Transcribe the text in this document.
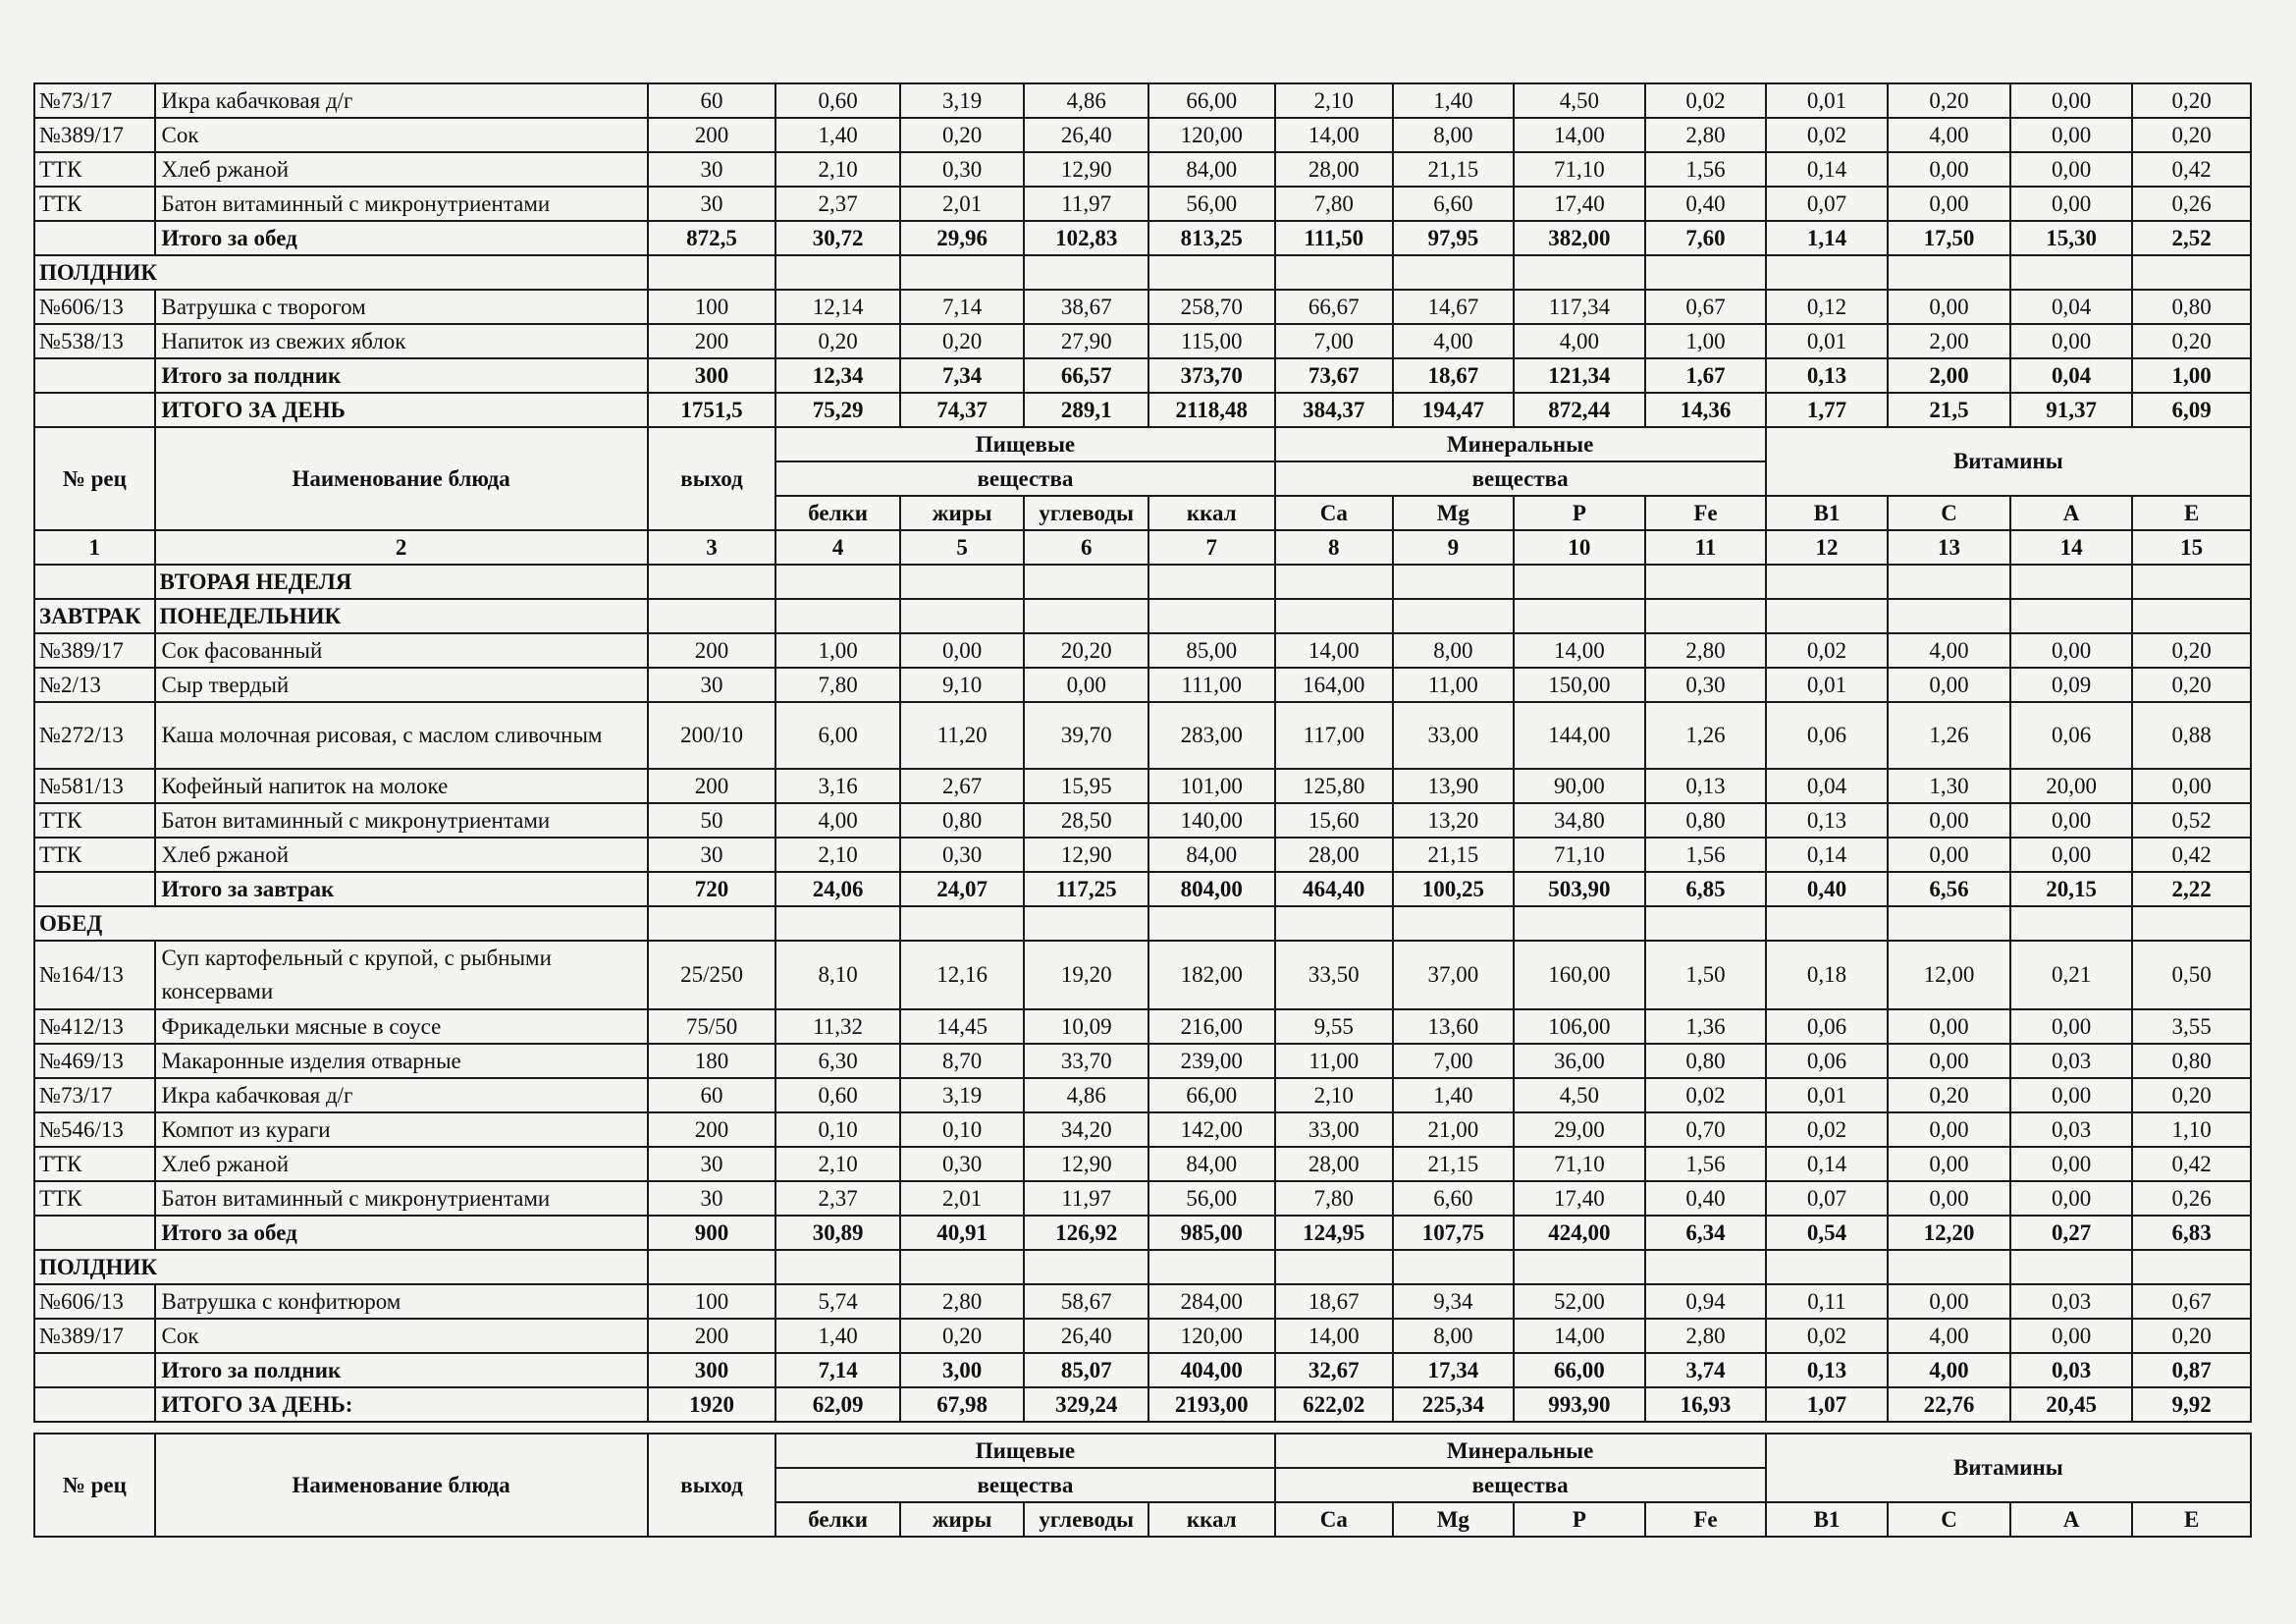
№73/17	Икра кабачковая д/г	60	0,60	3,19	4,86	66,00	2,10	1,40	4,50	0,02	0,01	0,20	0,00	0,20
№389/17	Сок	200	1,40	0,20	26,40	120,00	14,00	8,00	14,00	2,80	0,02	4,00	0,00	0,20
ТТК	Хлеб ржаной	30	2,10	0,30	12,90	84,00	28,00	21,15	71,10	1,56	0,14	0,00	0,00	0,42
ТТК	Батон витаминный с микронутриентами	30	2,37	2,01	11,97	56,00	7,80	6,60	17,40	0,40	0,07	0,00	0,00	0,26
	Итого за обед	872,5	30,72	29,96	102,83	813,25	111,50	97,95	382,00	7,60	1,14	17,50	15,30	2,52
ПОЛДНИК														
№606/13	Ватрушка с творогом	100	12,14	7,14	38,67	258,70	66,67	14,67	117,34	0,67	0,12	0,00	0,04	0,80
№538/13	Напиток из свежих яблок	200	0,20	0,20	27,90	115,00	7,00	4,00	4,00	1,00	0,01	2,00	0,00	0,20
	Итого за полдник	300	12,34	7,34	66,57	373,70	73,67	18,67	121,34	1,67	0,13	2,00	0,04	1,00
	ИТОГО ЗА ДЕНЬ	1751,5	75,29	74,37	289,1	2118,48	384,37	194,47	872,44	14,36	1,77	21,5	91,37	6,09
№ рец	Наименование блюда	выход	Пищевые				Минеральные				Витамины			
			вещества				вещества							
			белки	жиры	углеводы	ккал	Ca	Mg	P	Fe	B1	C	A	E
1	2	3	4	5	6	7	8	9	10	11	12	13	14	15
	ВТОРАЯ НЕДЕЛЯ													
ЗАВТРАК	ПОНЕДЕЛЬНИК													
№389/17	Сок фасованный	200	1,00	0,00	20,20	85,00	14,00	8,00	14,00	2,80	0,02	4,00	0,00	0,20
№2/13	Сыр твердый	30	7,80	9,10	0,00	111,00	164,00	11,00	150,00	0,30	0,01	0,00	0,09	0,20
№272/13	Каша молочная рисовая, с маслом сливочным	200/10	6,00	11,20	39,70	283,00	117,00	33,00	144,00	1,26	0,06	1,26	0,06	0,88
№581/13	Кофейный напиток на молоке	200	3,16	2,67	15,95	101,00	125,80	13,90	90,00	0,13	0,04	1,30	20,00	0,00
ТТК	Батон витаминный с микронутриентами	50	4,00	0,80	28,50	140,00	15,60	13,20	34,80	0,80	0,13	0,00	0,00	0,52
ТТК	Хлеб ржаной	30	2,10	0,30	12,90	84,00	28,00	21,15	71,10	1,56	0,14	0,00	0,00	0,42
	Итого за завтрак	720	24,06	24,07	117,25	804,00	464,40	100,25	503,90	6,85	0,40	6,56	20,15	2,22
ОБЕД														
№164/13	Суп картофельный с крупой, с рыбными консервами	25/250	8,10	12,16	19,20	182,00	33,50	37,00	160,00	1,50	0,18	12,00	0,21	0,50
№412/13	Фрикадельки мясные в соусе	75/50	11,32	14,45	10,09	216,00	9,55	13,60	106,00	1,36	0,06	0,00	0,00	3,55
№469/13	Макаронные изделия отварные	180	6,30	8,70	33,70	239,00	11,00	7,00	36,00	0,80	0,06	0,00	0,03	0,80
№73/17	Икра кабачковая д/г	60	0,60	3,19	4,86	66,00	2,10	1,40	4,50	0,02	0,01	0,20	0,00	0,20
№546/13	Компот из кураги	200	0,10	0,10	34,20	142,00	33,00	21,00	29,00	0,70	0,02	0,00	0,03	1,10
ТТК	Хлеб ржаной	30	2,10	0,30	12,90	84,00	28,00	21,15	71,10	1,56	0,14	0,00	0,00	0,42
ТТК	Батон витаминный с микронутриентами	30	2,37	2,01	11,97	56,00	7,80	6,60	17,40	0,40	0,07	0,00	0,00	0,26
	Итого за обед	900	30,89	40,91	126,92	985,00	124,95	107,75	424,00	6,34	0,54	12,20	0,27	6,83
ПОЛДНИК														
№606/13	Ватрушка с конфитюром	100	5,74	2,80	58,67	284,00	18,67	9,34	52,00	0,94	0,11	0,00	0,03	0,67
№389/17	Сок	200	1,40	0,20	26,40	120,00	14,00	8,00	14,00	2,80	0,02	4,00	0,00	0,20
	Итого за полдник	300	7,14	3,00	85,07	404,00	32,67	17,34	66,00	3,74	0,13	4,00	0,03	0,87
	ИТОГО ЗА ДЕНЬ:	1920	62,09	67,98	329,24	2193,00	622,02	225,34	993,90	16,93	1,07	22,76	20,45	9,92

№ рец	Наименование блюда	выход	Пищевые				Минеральные				Витамины			
			вещества				вещества							
			белки	жиры	углеводы	ккал	Ca	Mg	P	Fe	B1	C	A	E
